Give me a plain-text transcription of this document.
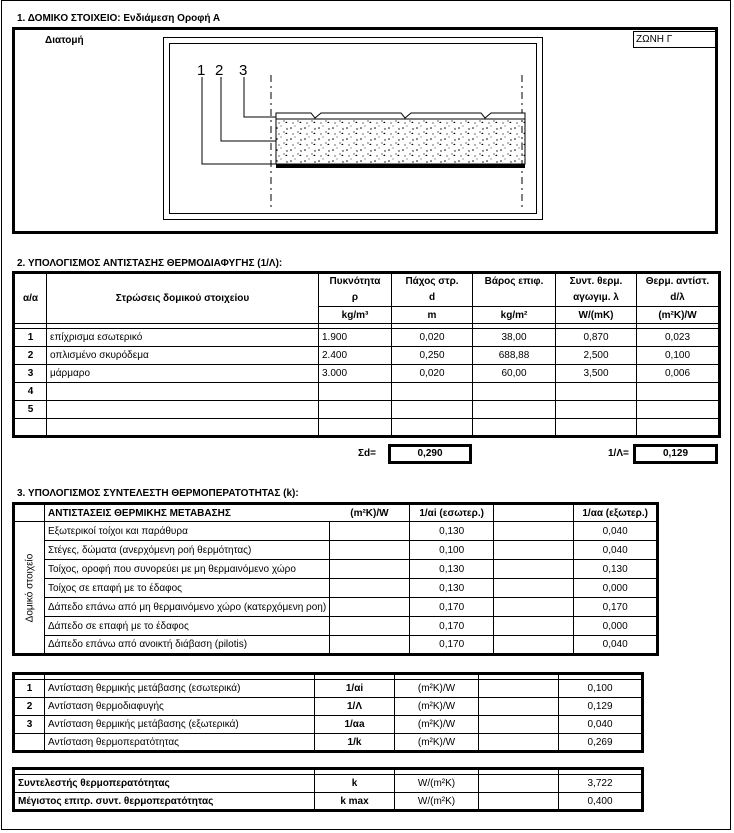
1. ΔΟΜΙΚΟ ΣΤΟΙΧΕΙΟ: Ενδιάμεση Οροφή Α
Διατομή	ΖΩΝΗ Γ
1 2 3
2. ΥΠΟΛΟΓΙΣΜΟΣ ΑΝΤΙΣΤΑΣΗΣ ΘΕΡΜΟΔΙΑΦΥΓΗΣ (1/Λ):
α/α	Στρώσεις δομικού στοιχείου	Πυκνότητα	Πάχος στρ.	Βάρος επιφ.	Συντ. θερμ.	Θερμ. αντίστ.
		ρ	d		αγωγιμ. λ	d/λ
		kg/m³	m	kg/m²	W/(mK)	(m²K)/W

1	επίχρισμα εσωτερικό	1.900	0,020	38,00	0,870	0,023
2	οπλισμένο σκυρόδεμα	2.400	0,250	688,88	2,500	0,100
3	μάρμαρο	3.000	0,020	60,00	3,500	0,006
4						
5						

Σd=	0,290	1/Λ=	0,129
3. ΥΠΟΛΟΓΙΣΜΟΣ ΣΥΝΤΕΛΕΣΤΗ ΘΕΡΜΟΠΕΡΑΤΟΤΗΤΑΣ (k):
	ΑΝΤΙΣΤΑΣΕΙΣ ΘΕΡΜΙΚΗΣ ΜΕΤΑΒΑΣΗΣ	(m²K)/W	1/αi (εσωτερ.)		1/αα (εξωτερ.)

Δομικό στοιχείο	Εξωτερικοί τοίχοι και παράθυρα		0,130		0,040
	Στέγες, δώματα (ανερχόμενη ροή θερμότητας)		0,100		0,040
	Τοίχος, οροφή που συνορεύει με μη θερμαινόμενο χώρο		0,130		0,130
	Τοίχος σε επαφή με το έδαφος		0,130		0,000
	Δάπεδο επάνω από μη θερμαινόμενο χώρο (κατερχόμενη ροη)		0,170		0,170
	Δάπεδο σε επαφή με το έδαφος		0,170		0,000
	Δάπεδο επάνω από ανοικτή διάβαση (pilotis)		0,170		0,040

1	Αντίσταση θερμικής μετάβασης (εσωτερικά)	1/αi	(m²K)/W		0,100
2	Αντίσταση θερμοδιαφυγής	1/Λ	(m²K)/W		0,129
3	Αντίσταση θερμικής μετάβασης (εξωτερικά)	1/αa	(m²K)/W		0,040
	Αντίσταση θερμοπερατότητας	1/k	(m²K)/W		0,269

Συντελεστής θερμοπερατότητας	k	W/(m²K)		3,722
Μέγιστος επιτρ. συντ. θερμοπερατότητας	k max	W/(m²K)		0,400
